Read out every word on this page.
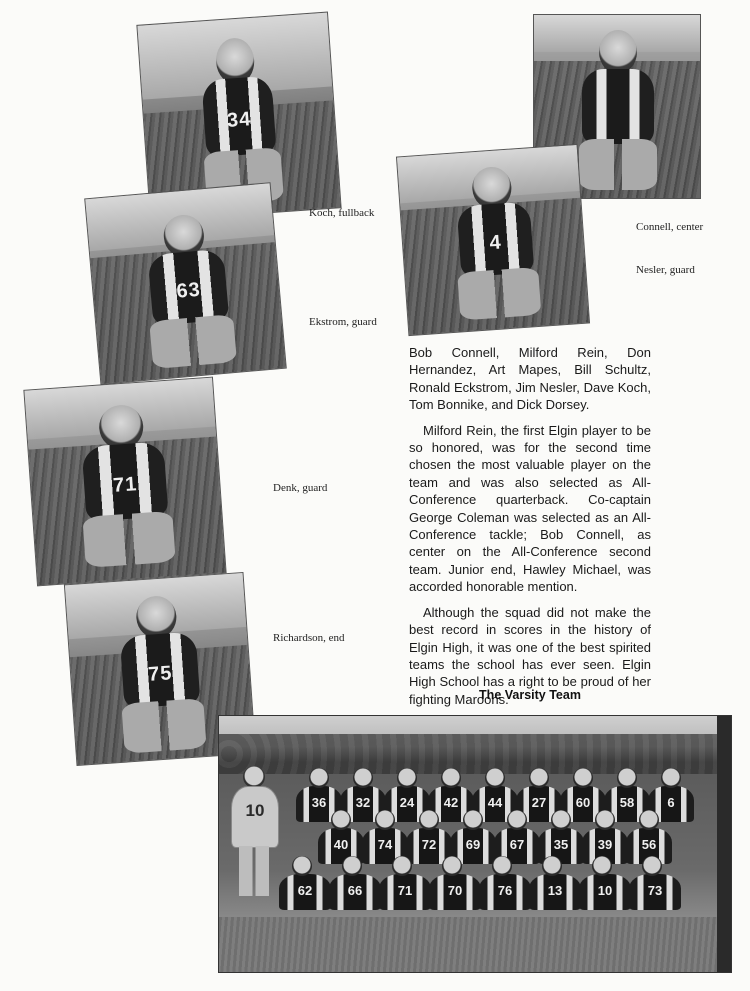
34
Koch, fullback
Connell, center
63
Ekstrom, guard
4
Nesler, guard
71	Denk, guard
75
Richardson, end

Bob Connell, Milford Rein, Don Hernandez, Art Mapes, Bill Schultz, Ronald Eckstrom, Jim Nesler, Dave Koch, Tom Bonnike, and Dick Dorsey.

Milford Rein, the first Elgin player to be so honored, was for the second time chosen the most valuable player on the team and was also selected as All-Conference quarterback. Co-captain George Coleman was selected as an All-Conference tackle; Bob Connell, as center on the All-Conference second team. Junior end, Hawley Michael, was accorded honorable mention.

Although the squad did not make the best record in scores in the history of Elgin High, it was one of the best spirited teams the school has ever seen. Elgin High School has a right to be proud of her fighting Maroons.

The Varsity Team
10	36	32	24	42	44	27	60	58	6
40	74	72	69	67	35	39	56
62	66	71	70	76	13	10	73
